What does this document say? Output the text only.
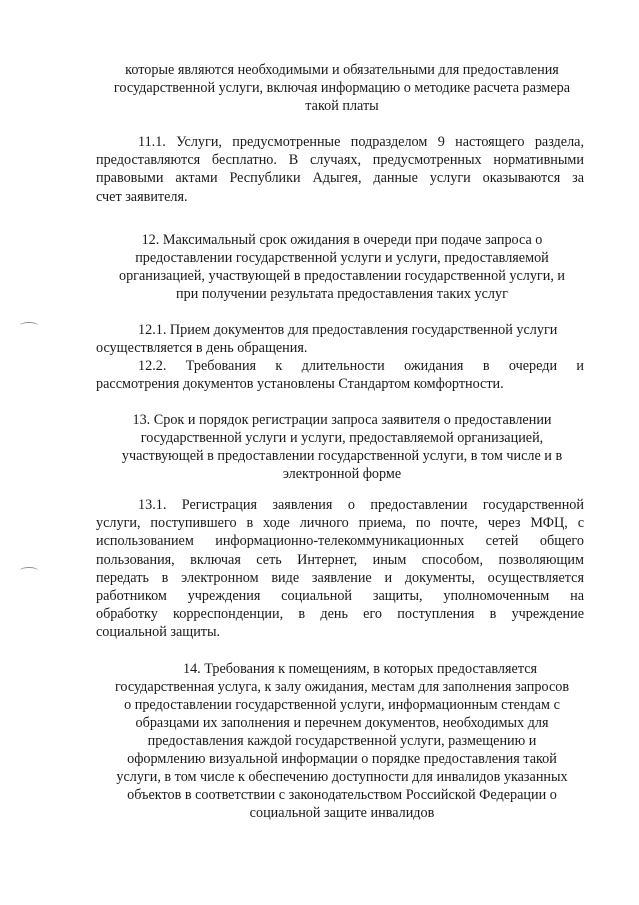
которые являются необходимыми и обязательными для предоставления
государственной услуги, включая информацию о методике расчета размера
такой платы
11.1. Услуги, предусмотренные подразделом 9 настоящего раздела,
предоставляются бесплатно. В случаях, предусмотренных нормативными
правовыми актами Республики Адыгея, данные услуги оказываются за
счет заявителя.
12. Максимальный срок ожидания в очереди при подаче запроса о
предоставлении государственной услуги и услуги, предоставляемой
организацией, участвующей в предоставлении государственной услуги, и
при получении результата предоставления таких услуг
12.1. Прием документов для предоставления государственной услуги
осуществляется в день обращения.
12.2. Требования к длительности ожидания в очереди и
рассмотрения документов установлены Стандартом комфортности.
13. Срок и порядок регистрации запроса заявителя о предоставлении
государственной услуги и услуги, предоставляемой организацией,
участвующей в предоставлении государственной услуги, в том числе и в
электронной форме
13.1. Регистрация заявления о предоставлении государственной
услуги, поступившего в ходе личного приема, по почте, через МФЦ, с
использованием информационно-телекоммуникационных сетей общего
пользования, включая сеть Интернет, иным способом, позволяющим
передать в электронном виде заявление и документы, осуществляется
работником учреждения социальной защиты, уполномоченным на
обработку корреспонденции, в день его поступления в учреждение
социальной защиты.
14. Требования к помещениям, в которых предоставляется
государственная услуга, к залу ожидания, местам для заполнения запросов
о предоставлении государственной услуги, информационным стендам с
образцами их заполнения и перечнем документов, необходимых для
предоставления каждой государственной услуги, размещению и
оформлению визуальной информации о порядке предоставления такой
услуги, в том числе к обеспечению доступности для инвалидов указанных
объектов в соответствии с законодательством Российской Федерации о
социальной защите инвалидов
